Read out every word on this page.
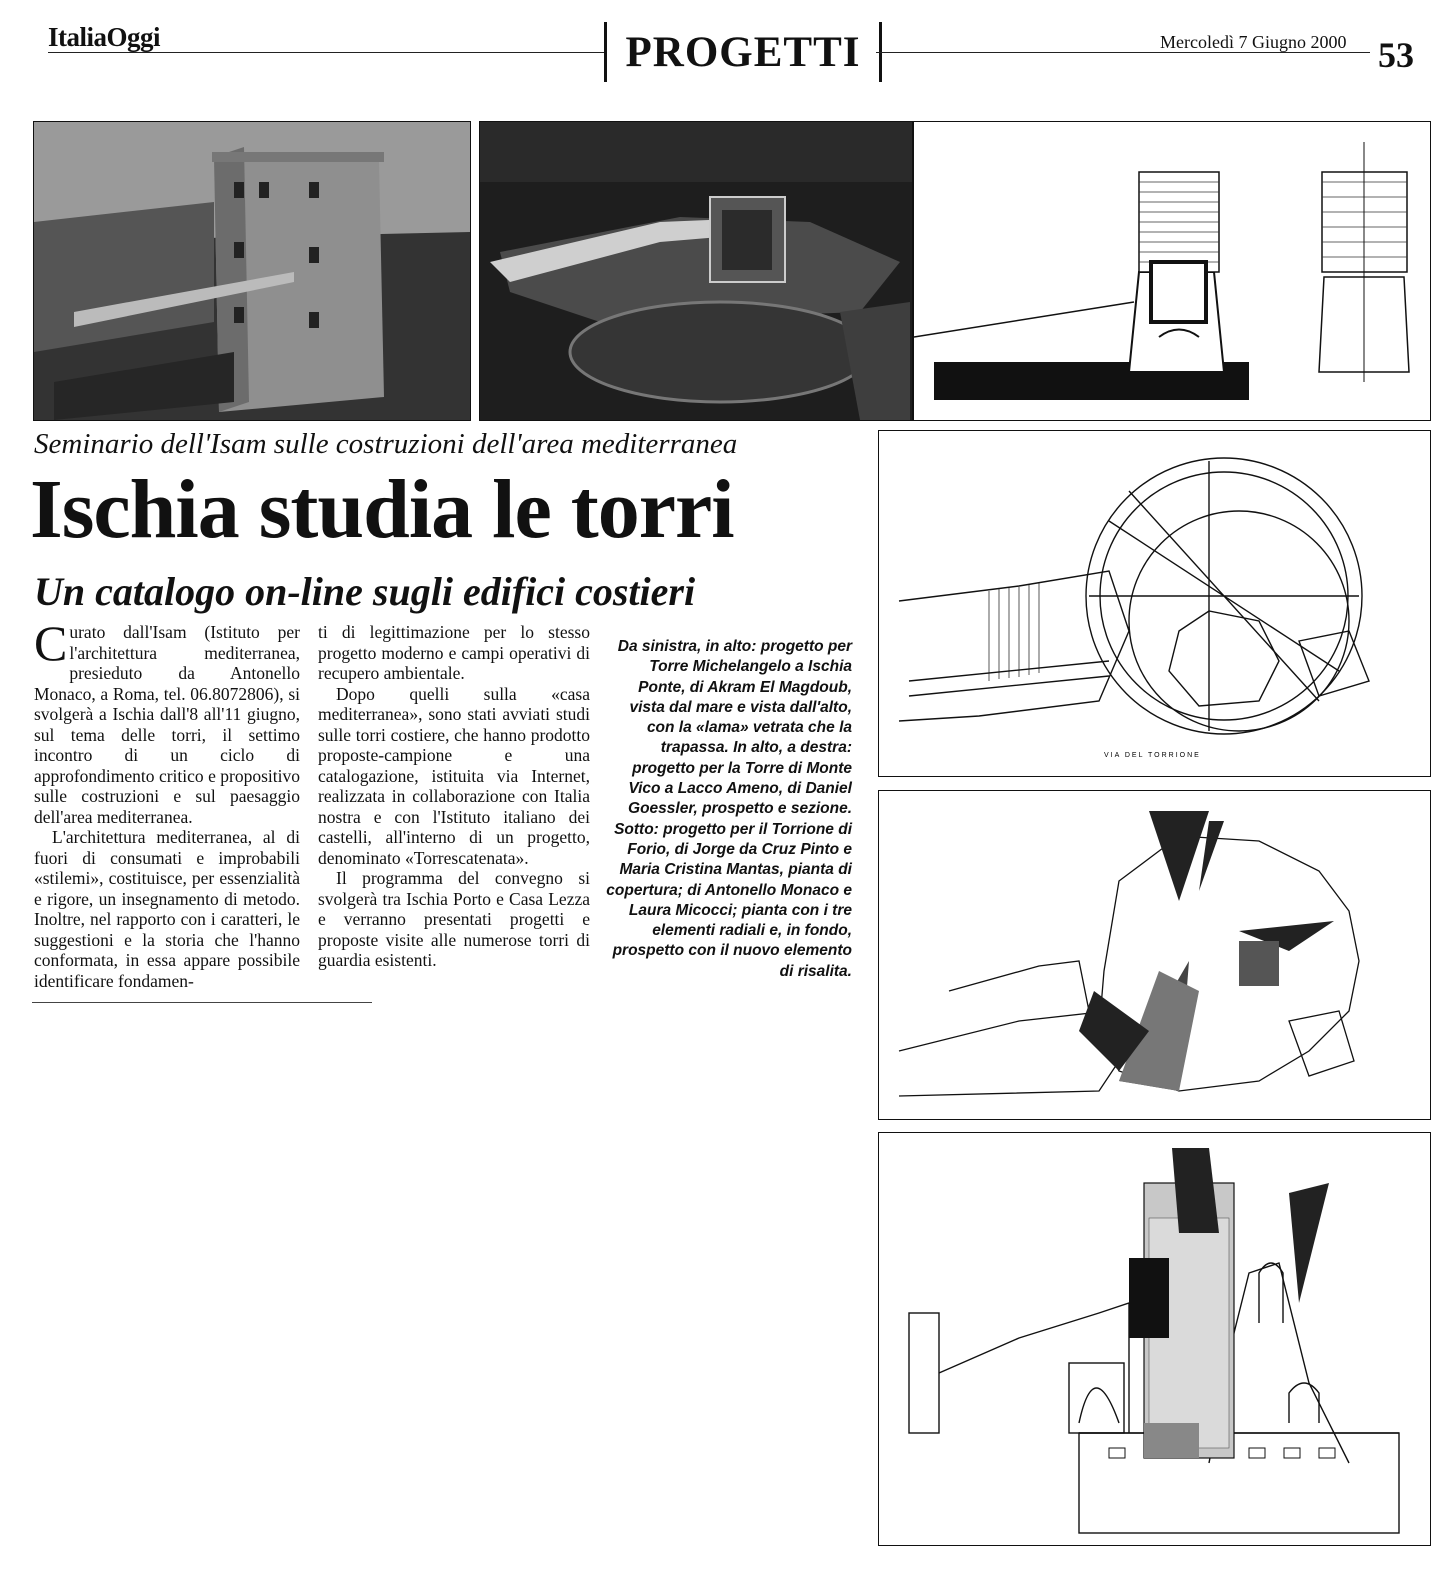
ItaliaOggi	PROGETTI	Mercoledì 7 Giugno 2000 53
Seminario dell'Isam sulle costruzioni dell'area mediterranea
Ischia studia le torri
Un catalogo on-line sugli edifici costieri

Curato dall'Isam (Istituto per l'architettura mediterranea, presieduto da Antonello Monaco, a Roma, tel. 06.8072806), si svolgerà a Ischia dall'8 all'11 giugno, sul tema delle torri, il settimo incontro di un ciclo di approfondimento critico e propositivo sulle costruzioni e sul paesaggio dell'area mediterranea.

L'architettura mediterranea, al di fuori di consumati e improbabili «stilemi», costituisce, per essenzialità e rigore, un insegnamento di metodo. Inoltre, nel rapporto con i caratteri, le suggestioni e la storia che l'hanno conformata, in essa appare possibile identificare fondamen-

ti di legittimazione per lo stesso progetto moderno e campi operativi di recupero ambientale.

Dopo quelli sulla «casa mediterranea», sono stati avviati studi sulle torri costiere, che hanno prodotto proposte-campione e una catalogazione, istituita via Internet, realizzata in collaborazione con Italia nostra e con l'Istituto italiano dei castelli, all'interno di un progetto, denominato «Torrescatenata».

Il programma del convegno si svolgerà tra Ischia Porto e Casa Lezza e verranno presentati progetti e proposte visite alle numerose torri di guardia esistenti.

Da sinistra, in alto: progetto per Torre Michelangelo a Ischia Ponte, di Akram El Magdoub, vista dal mare e vista dall'alto, con la «lama» vetrata che la trapassa. In alto, a destra: progetto per la Torre di Monte Vico a Lacco Ameno, di Daniel Goessler, prospetto e sezione. Sotto: progetto per il Torrione di Forio, di Jorge da Cruz Pinto e Maria Cristina Mantas, pianta di copertura; di Antonello Monaco e Laura Micocci; pianta con i tre elementi radiali e, in fondo, prospetto con il nuovo elemento di risalita.
VIA DEL TORRIONE
